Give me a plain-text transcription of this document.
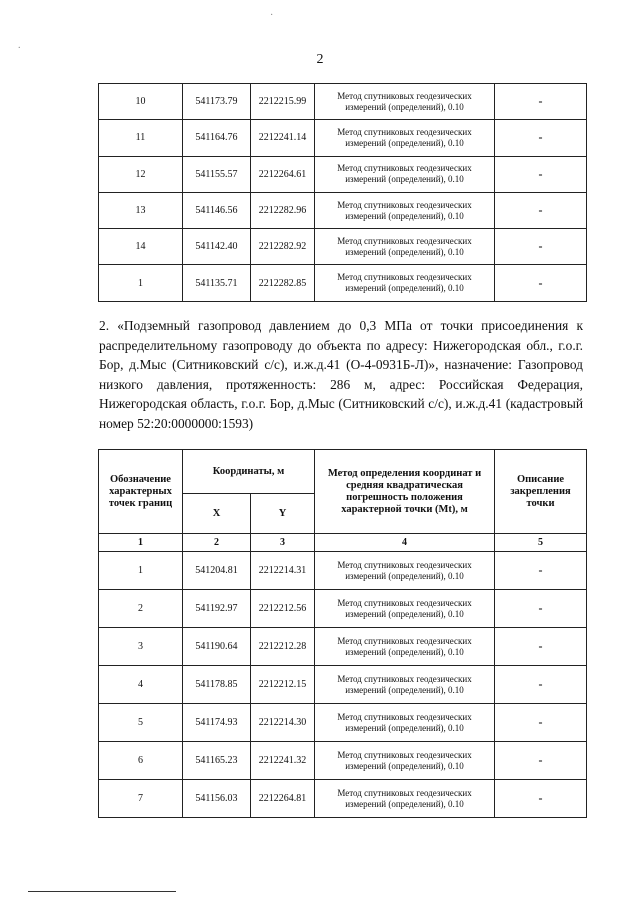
.
·
2
10	541173.79	2212215.99	Метод спутниковых геодезических измерений (определений), 0.10	-
11	541164.76	2212241.14	Метод спутниковых геодезических измерений (определений), 0.10	-
12	541155.57	2212264.61	Метод спутниковых геодезических измерений (определений), 0.10	-
13	541146.56	2212282.96	Метод спутниковых геодезических измерений (определений), 0.10	-
14	541142.40	2212282.92	Метод спутниковых геодезических измерений (определений), 0.10	-
1	541135.71	2212282.85	Метод спутниковых геодезических измерений (определений), 0.10	-
2. «Подземный газопровод давлением до 0,3 МПа от точки присоединения к распределительному газопроводу до объекта по адресу: Нижегородская обл., г.о.г. Бор, д.Мыс (Ситниковский с/с), и.ж.д.41 (О-4-0931Б-Л)», назначение: Газопровод низкого давления, протяженность: 286 м, адрес: Российская Федерация, Нижегородская область, г.о.г. Бор, д.Мыс (Ситниковский с/с), и.ж.д.41 (кадастровый номер 52:20:0000000:1593)
Обозначение характерных точек границ	Координаты, м		Метод определения координат и средняя квадратическая погрешность положения характерной точки (Mt), м	Описание закрепления точки
	X	Y		
1	2	3	4	5
1	541204.81	2212214.31	Метод спутниковых геодезических измерений (определений), 0.10	-
2	541192.97	2212212.56	Метод спутниковых геодезических измерений (определений), 0.10	-
3	541190.64	2212212.28	Метод спутниковых геодезических измерений (определений), 0.10	-
4	541178.85	2212212.15	Метод спутниковых геодезических измерений (определений), 0.10	-
5	541174.93	2212214.30	Метод спутниковых геодезических измерений (определений), 0.10	-
6	541165.23	2212241.32	Метод спутниковых геодезических измерений (определений), 0.10	-
7	541156.03	2212264.81	Метод спутниковых геодезических измерений (определений), 0.10	-
